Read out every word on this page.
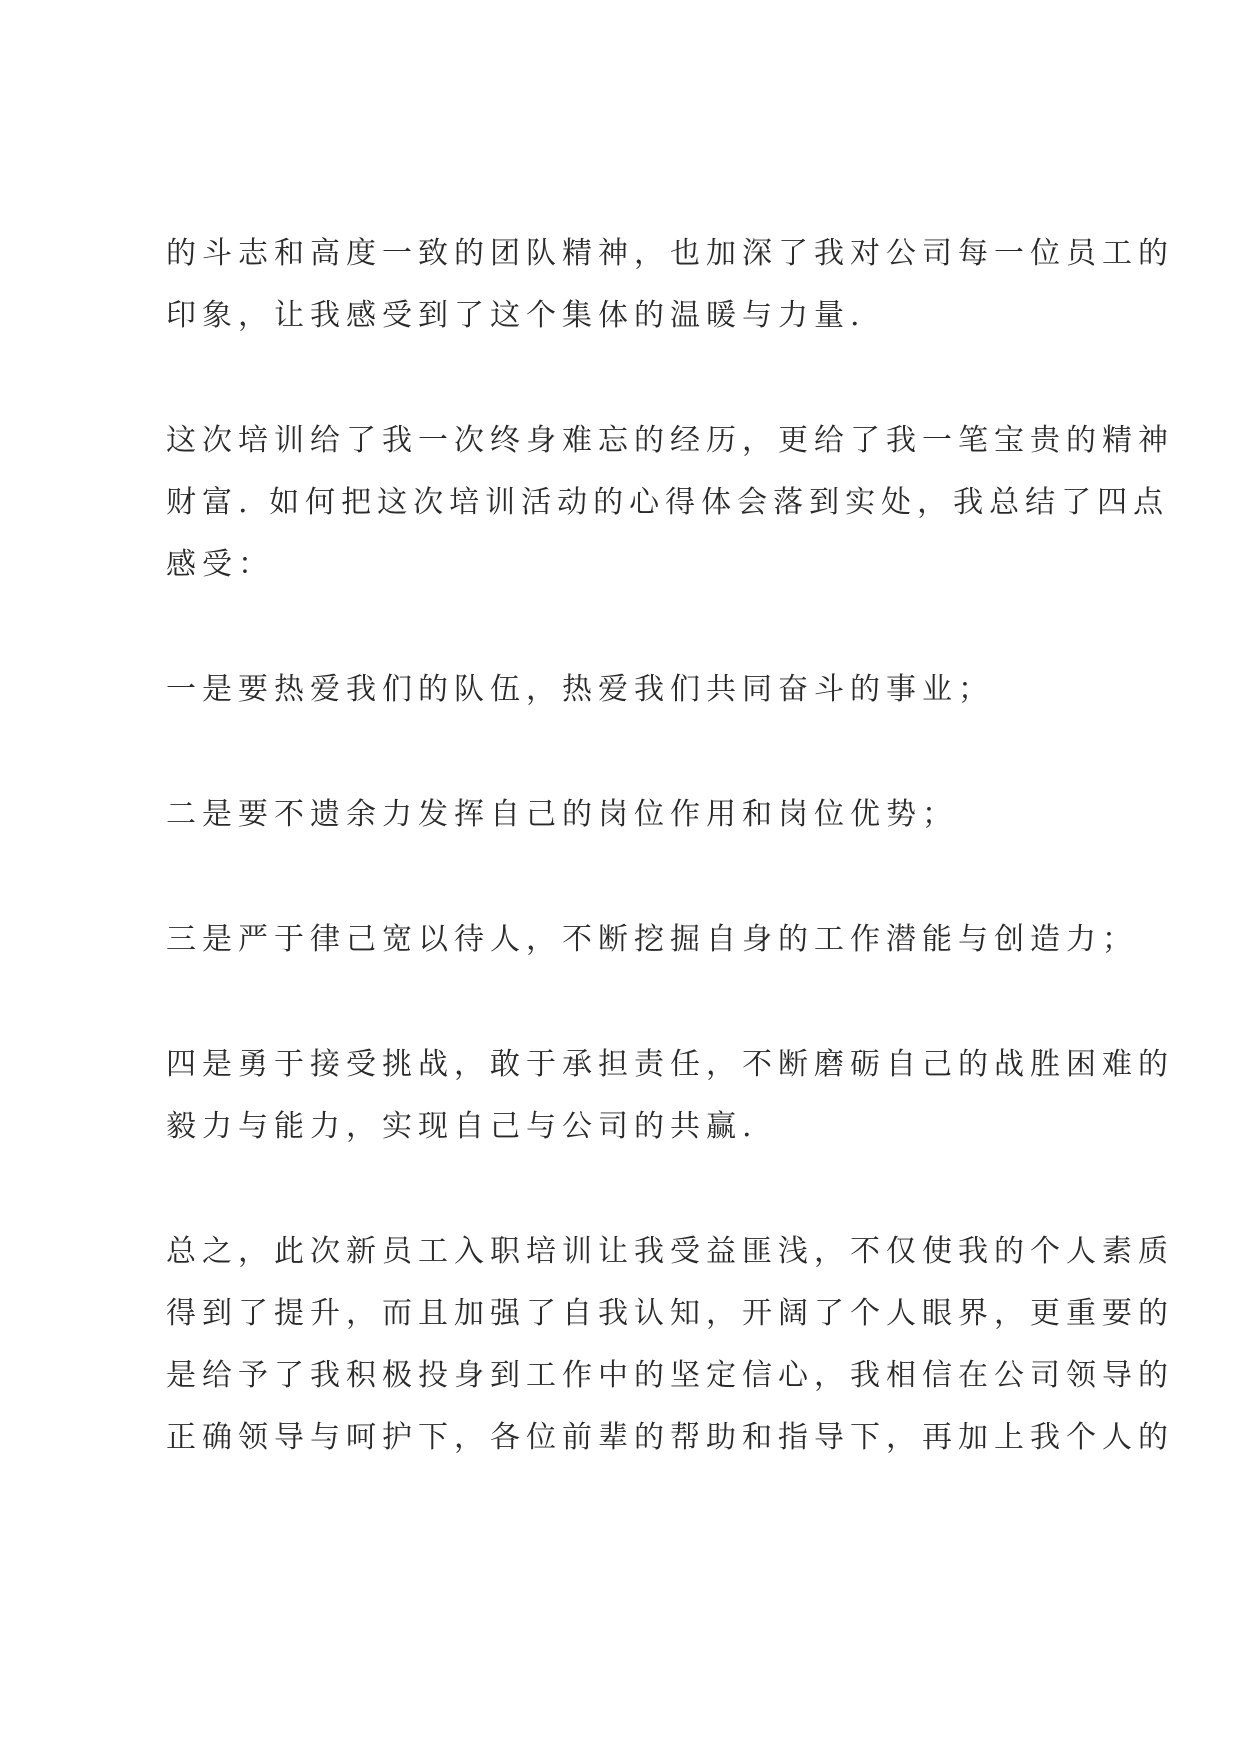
的斗志和高度一致的团队精神，也加深了我对公司每一位员工的
印象，让我感受到了这个集体的温暖与力量.

这次培训给了我一次终身难忘的经历，更给了我一笔宝贵的精神
财富. 如何把这次培训活动的心得体会落到实处，我总结了四点
感受：

一是要热爱我们的队伍，热爱我们共同奋斗的事业；

二是要不遗余力发挥自己的岗位作用和岗位优势；

三是严于律己宽以待人，不断挖掘自身的工作潜能与创造力；

四是勇于接受挑战，敢于承担责任，不断磨砺自己的战胜困难的
毅力与能力，实现自己与公司的共赢.

总之，此次新员工入职培训让我受益匪浅，不仅使我的个人素质
得到了提升，而且加强了自我认知，开阔了个人眼界，更重要的
是给予了我积极投身到工作中的坚定信心，我相信在公司领导的
正确领导与呵护下，各位前辈的帮助和指导下，再加上我个人的
